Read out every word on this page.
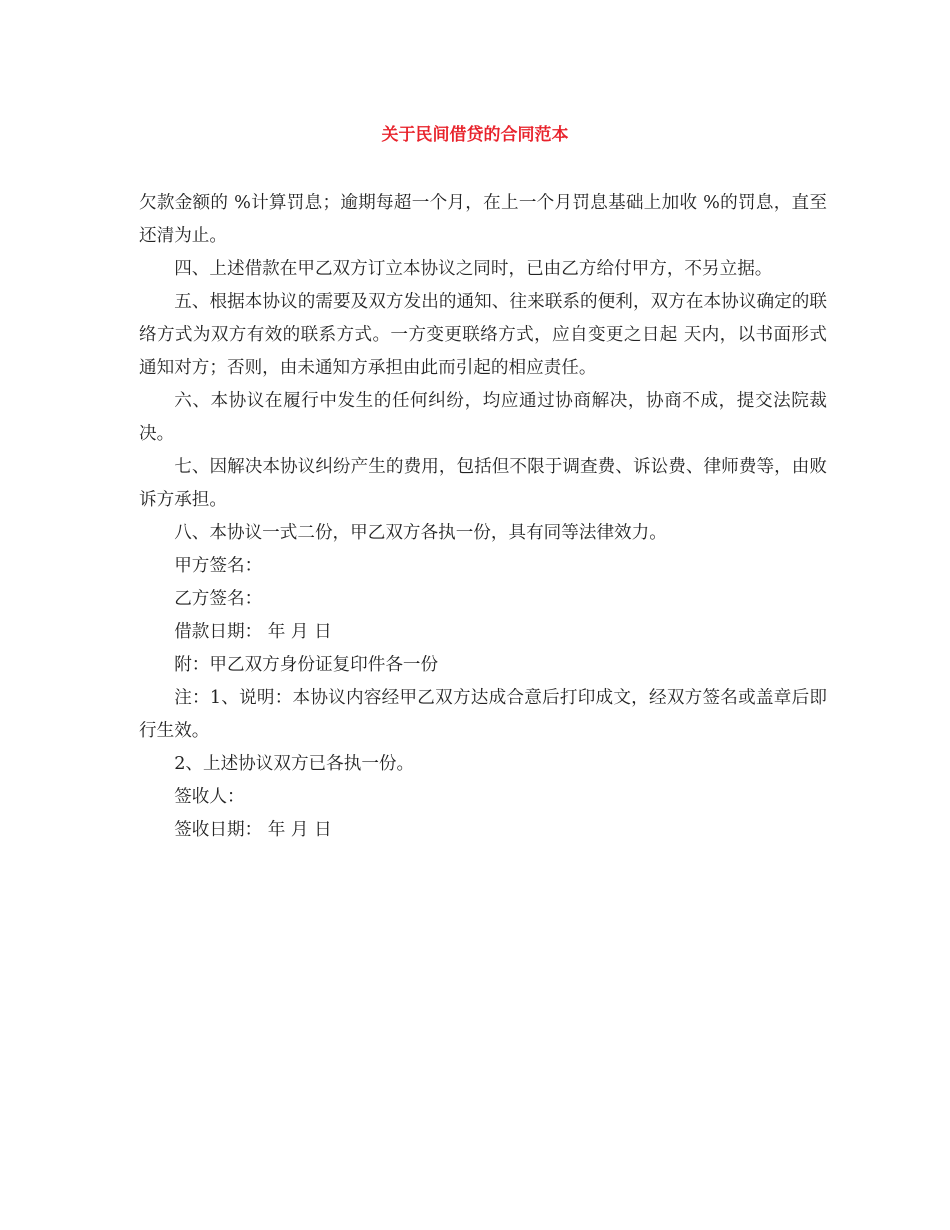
关于民间借贷的合同范本

欠款金额的 %计算罚息；逾期每超一个月，在上一个月罚息基础上加收 %的罚息，直至还清为止。

四、上述借款在甲乙双方订立本协议之同时，已由乙方给付甲方，不另立据。

五、根据本协议的需要及双方发出的通知、往来联系的便利，双方在本协议确定的联络方式为双方有效的联系方式。一方变更联络方式，应自变更之日起 天内，以书面形式通知对方；否则，由未通知方承担由此而引起的相应责任。

六、本协议在履行中发生的任何纠纷，均应通过协商解决，协商不成，提交法院裁决。

七、因解决本协议纠纷产生的费用，包括但不限于调查费、诉讼费、律师费等，由败诉方承担。

八、本协议一式二份，甲乙双方各执一份，具有同等法律效力。

甲方签名：

乙方签名：

借款日期： 年 月 日

附：甲乙双方身份证复印件各一份

注：1、说明：本协议内容经甲乙双方达成合意后打印成文，经双方签名或盖章后即行生效。

2、上述协议双方已各执一份。

签收人：

签收日期： 年 月 日
